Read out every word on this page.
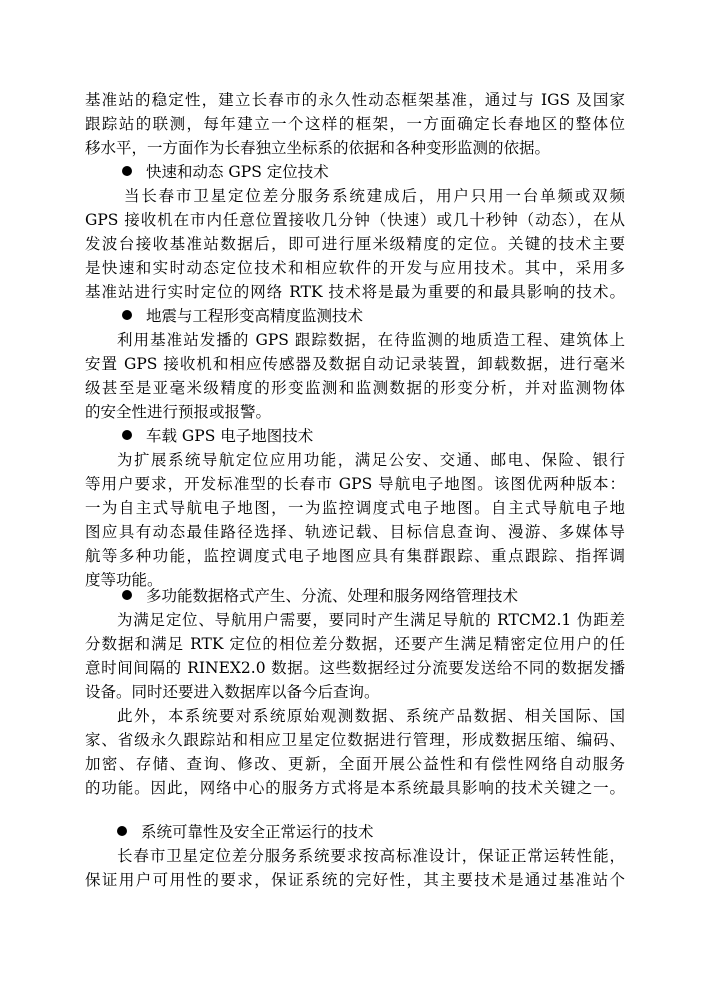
基准站的稳定性，建立长春市的永久性动态框架基准，通过与 IGS 及国家
跟踪站的联测，每年建立一个这样的框架，一方面确定长春地区的整体位
移水平，一方面作为长春独立坐标系的依据和各种变形监测的依据。
快速和动态 GPS 定位技术
当长春市卫星定位差分服务系统建成后，用户只用一台单频或双频
GPS 接收机在市内任意位置接收几分钟（快速）或几十秒钟（动态），在从
发波台接收基准站数据后，即可进行厘米级精度的定位。关键的技术主要
是快速和实时动态定位技术和相应软件的开发与应用技术。其中，采用多
基准站进行实时定位的网络 RTK 技术将是最为重要的和最具影响的技术。
地震与工程形变高精度监测技术
利用基准站发播的 GPS 跟踪数据，在待监测的地质造工程、建筑体上
安置 GPS 接收机和相应传感器及数据自动记录装置，卸载数据，进行毫米
级甚至是亚毫米级精度的形变监测和监测数据的形变分析，并对监测物体
的安全性进行预报或报警。
车载 GPS 电子地图技术
为扩展系统导航定位应用功能，满足公安、交通、邮电、保险、银行
等用户要求，开发标准型的长春市 GPS 导航电子地图。该图优两种版本：
一为自主式导航电子地图，一为监控调度式电子地图。自主式导航电子地
图应具有动态最佳路径选择、轨迹记载、目标信息查询、漫游、多媒体导
航等多种功能，监控调度式电子地图应具有集群跟踪、重点跟踪、指挥调
度等功能。
多功能数据格式产生、分流、处理和服务网络管理技术
为满足定位、导航用户需要，要同时产生满足导航的 RTCM2.1 伪距差
分数据和满足 RTK 定位的相位差分数据，还要产生满足精密定位用户的任
意时间间隔的 RINEX2.0 数据。这些数据经过分流要发送给不同的数据发播
设备。同时还要进入数据库以备今后查询。
此外，本系统要对系统原始观测数据、系统产品数据、相关国际、国
家、省级永久跟踪站和相应卫星定位数据进行管理，形成数据压缩、编码、
加密、存储、查询、修改、更新，全面开展公益性和有偿性网络自动服务
的功能。因此，网络中心的服务方式将是本系统最具影响的技术关键之一。
系统可靠性及安全正常运行的技术
长春市卫星定位差分服务系统要求按高标准设计，保证正常运转性能，
保证用户可用性的要求，保证系统的完好性，其主要技术是通过基准站个
